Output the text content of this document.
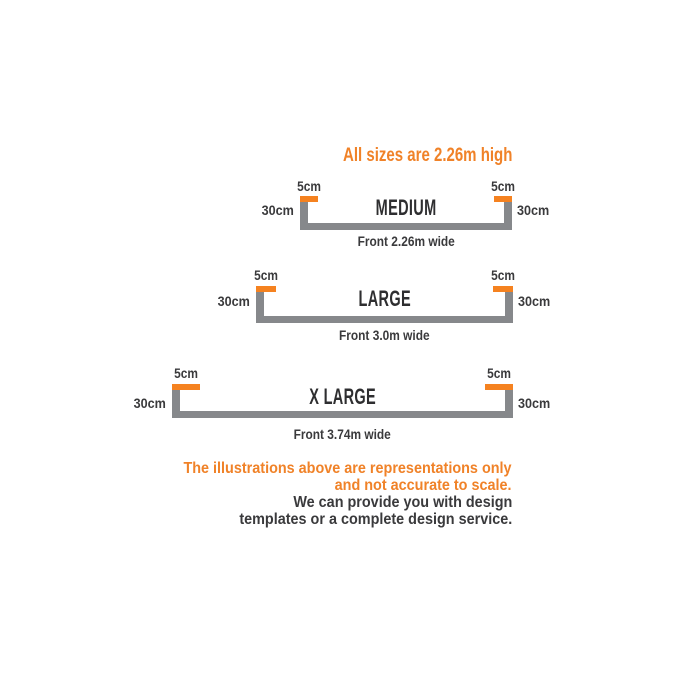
All sizes are 2.26m high
5cm	5cm
30cm	30cm
MEDIUM
Front 2.26m wide
5cm	5cm
30cm	30cm
LARGE
Front 3.0m wide
5cm	5cm
30cm	30cm
X LARGE
Front 3.74m wide
The illustrations above are representations only
and not accurate to scale.
We can provide you with design
templates or a complete design service.
